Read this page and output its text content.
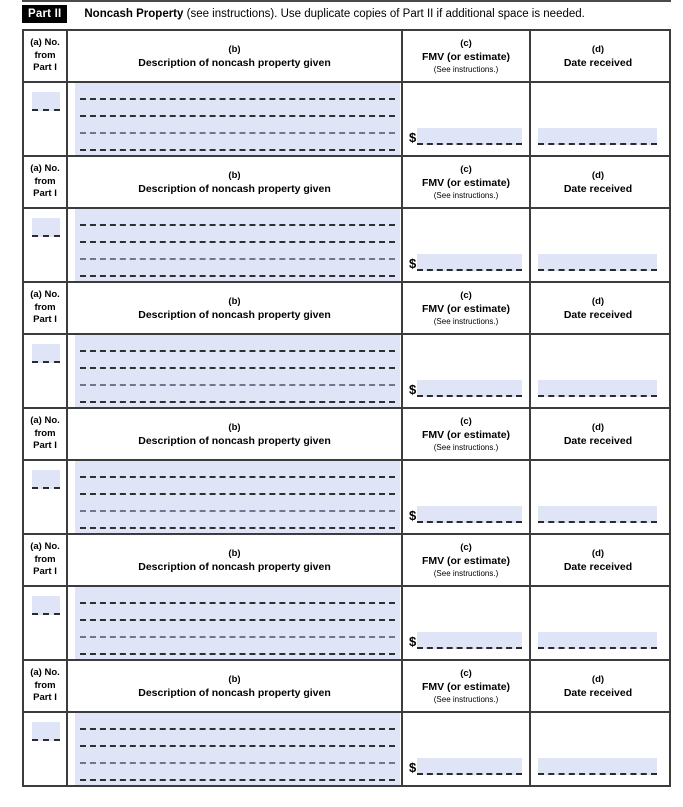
Part II	Noncash Property (see instructions). Use duplicate copies of Part II if additional space is needed.
(a) No.
from
Part I
(b)
Description of noncash property given
(c)
FMV (or estimate)
(See instructions.)
(d)
Date received
$
(a) No.
from
Part I
(b)
Description of noncash property given
(c)
FMV (or estimate)
(See instructions.)
(d)
Date received
$
(a) No.
from
Part I
(b)
Description of noncash property given
(c)
FMV (or estimate)
(See instructions.)
(d)
Date received
$
(a) No.
from
Part I
(b)
Description of noncash property given
(c)
FMV (or estimate)
(See instructions.)
(d)
Date received
$
(a) No.
from
Part I
(b)
Description of noncash property given
(c)
FMV (or estimate)
(See instructions.)
(d)
Date received
$
(a) No.
from
Part I
(b)
Description of noncash property given
(c)
FMV (or estimate)
(See instructions.)
(d)
Date received
$
